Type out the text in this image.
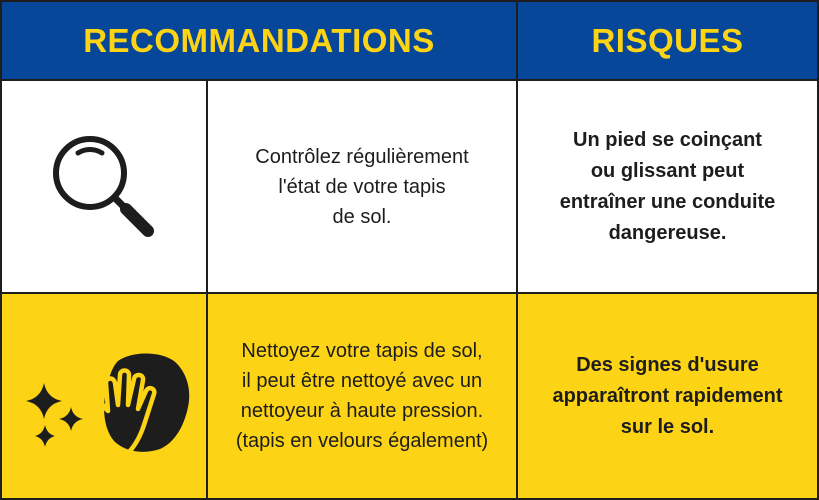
RECOMMANDATIONS	RISQUES
Contrôlez régulièrement
l'état de votre tapis
de sol.
Un pied se coinçant
ou glissant peut
entraîner une conduite
dangereuse.
Nettoyez votre tapis de sol,
il peut être nettoyé avec un
nettoyeur à haute pression.
(tapis en velours également)
Des signes d'usure
apparaîtront rapidement
sur le sol.
